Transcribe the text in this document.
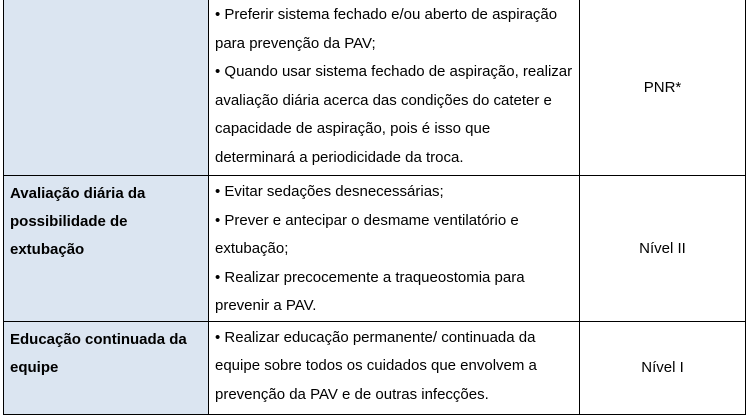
	• Preferir sistema fechado e/ou aberto de aspiração para prevenção da PAV;
• Quando usar sistema fechado de aspiração, realizar avaliação diária acerca das condições do cateter e capacidade de aspiração, pois é isso que determinará a periodicidade da troca.	PNR*

Avaliação diária da possibilidade de extubação	• Evitar sedações desnecessárias;
• Prever e antecipar o desmame ventilatório e extubação;
• Realizar precocemente a traqueostomia para prevenir a PAV.	Nível II

Educação continuada da equipe	• Realizar educação permanente/ continuada da equipe sobre todos os cuidados que envolvem a prevenção da PAV e de outras infecções.	Nível I
